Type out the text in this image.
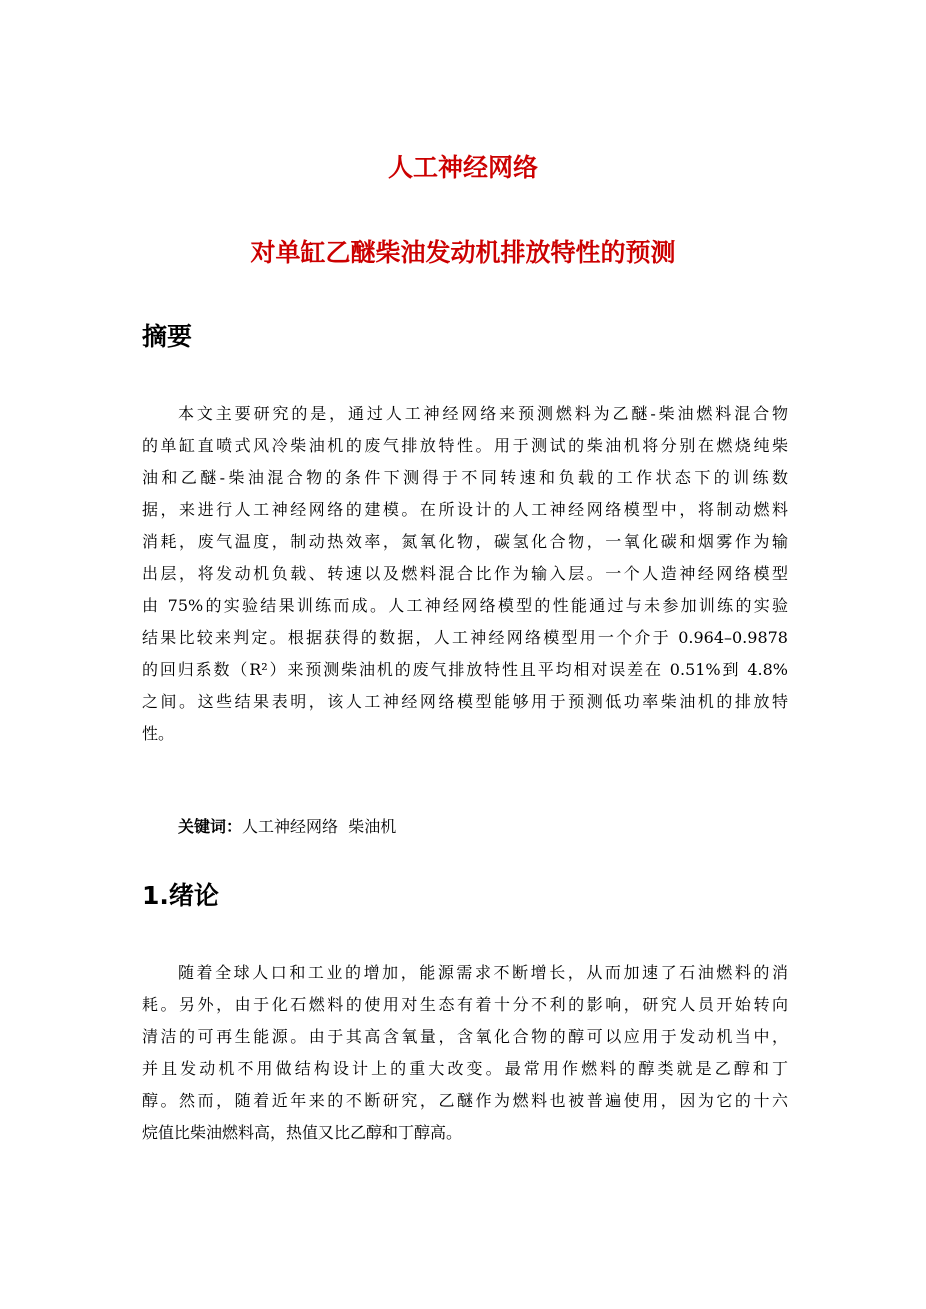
人工神经网络
对单缸乙醚柴油发动机排放特性的预测
摘要
本文主要研究的是，通过人工神经网络来预测燃料为乙醚-柴油燃料混合物
的单缸直喷式风冷柴油机的废气排放特性。用于测试的柴油机将分别在燃烧纯柴
油和乙醚-柴油混合物的条件下测得于不同转速和负载的工作状态下的训练数
据，来进行人工神经网络的建模。在所设计的人工神经网络模型中，将制动燃料
消耗，废气温度，制动热效率，氮氧化物，碳氢化合物，一氧化碳和烟雾作为输
出层，将发动机负载、转速以及燃料混合比作为输入层。一个人造神经网络模型
由 75%的实验结果训练而成。人工神经网络模型的性能通过与未参加训练的实验
结果比较来判定。根据获得的数据，人工神经网络模型用一个介于 0.964–0.9878
的回归系数（R²）来预测柴油机的废气排放特性且平均相对误差在 0.51%到 4.8%
之间。这些结果表明，该人工神经网络模型能够用于预测低功率柴油机的排放特
性。
关键词：人工神经网络  柴油机
1.绪论
随着全球人口和工业的增加，能源需求不断增长，从而加速了石油燃料的消
耗。另外，由于化石燃料的使用对生态有着十分不利的影响，研究人员开始转向
清洁的可再生能源。由于其高含氧量，含氧化合物的醇可以应用于发动机当中，
并且发动机不用做结构设计上的重大改变。最常用作燃料的醇类就是乙醇和丁
醇。然而，随着近年来的不断研究，乙醚作为燃料也被普遍使用，因为它的十六
烷值比柴油燃料高，热值又比乙醇和丁醇高。
